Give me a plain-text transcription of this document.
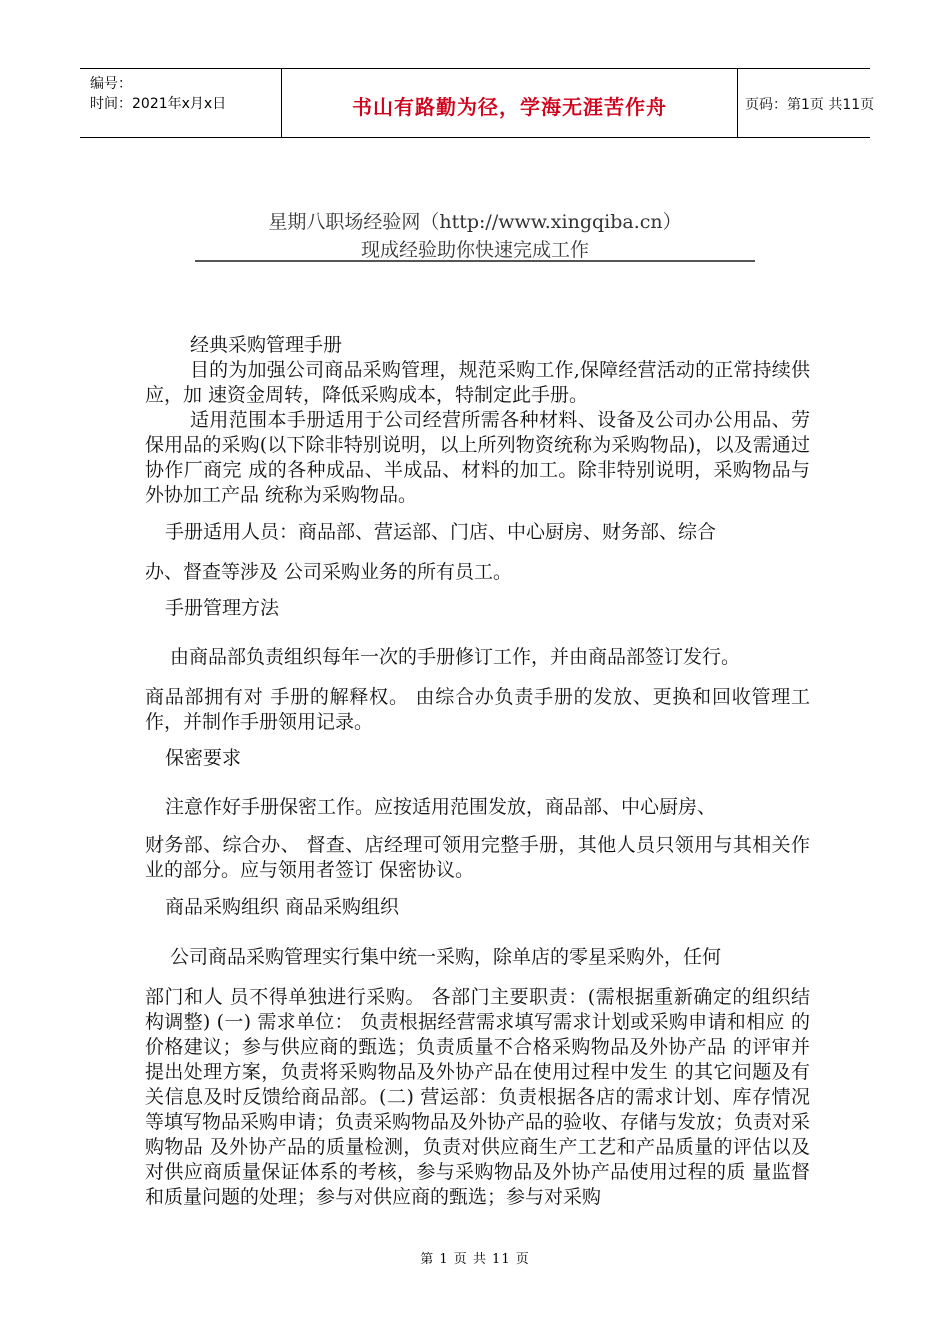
编号：
时间：2021年x月x日	书山有路勤为径，学海无涯苦作舟	页码：第1页 共11页
星期八职场经验网（http://www.xingqiba.cn）
现成经验助你快速完成工作

经典采购管理手册

目的为加强公司商品采购管理，规范采购工作,保障经营活动的正常持续供应，加 速资金周转，降低采购成本，特制定此手册。

适用范围本手册适用于公司经营所需各种材料、设备及公司办公用品、劳保用品的采购(以下除非特别说明，以上所列物资统称为采购物品)，以及需通过协作厂商完 成的各种成品、半成品、材料的加工。除非特别说明，采购物品与外协加工产品 统称为采购物品。

手册适用人员：商品部、营运部、门店、中心厨房、财务部、综合

办、督查等涉及 公司采购业务的所有员工。

手册管理方法

由商品部负责组织每年一次的手册修订工作，并由商品部签订发行。

商品部拥有对 手册的解释权。 由综合办负责手册的发放、更换和回收管理工作，并制作手册领用记录。

保密要求

注意作好手册保密工作。应按适用范围发放，商品部、中心厨房、

财务部、综合办、 督查、店经理可领用完整手册，其他人员只领用与其相关作业的部分。应与领用者签订 保密协议。

商品采购组织 商品采购组织

公司商品采购管理实行集中统一采购，除单店的零星采购外，任何

部门和人 员不得单独进行采购。 各部门主要职责：(需根据重新确定的组织结构调整) (一) 需求单位： 负责根据经营需求填写需求计划或采购申请和相应 的价格建议；参与供应商的甄选；负责质量不合格采购物品及外协产品 的评审并提出处理方案，负责将采购物品及外协产品在使用过程中发生 的其它问题及有关信息及时反馈给商品部。(二) 营运部：负责根据各店的需求计划、库存情况等填写物品采购申请；负责采购物品及外协产品的验收、存储与发放；负责对采购物品 及外协产品的质量检测，负责对供应商生产工艺和产品质量的评估以及 对供应商质量保证体系的考核，参与采购物品及外协产品使用过程的质 量监督和质量问题的处理；参与对供应商的甄选；参与对采购

第 1 页 共 11 页
